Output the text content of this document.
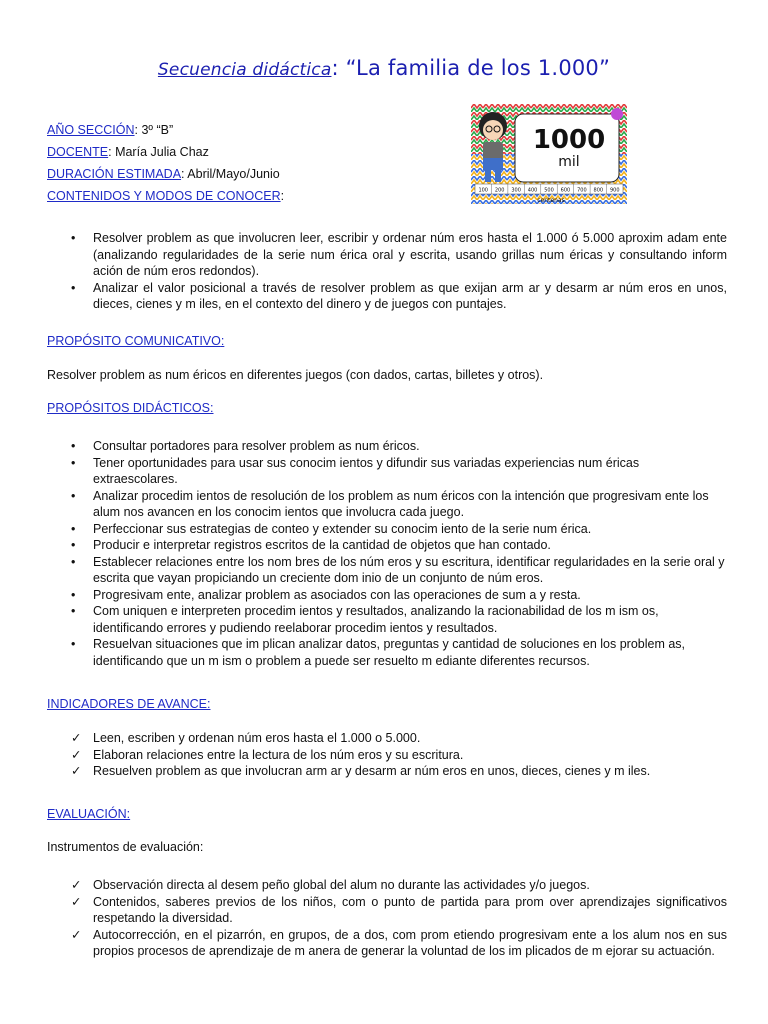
Secuencia didáctica: “La familia de los 1.000”
AÑO SECCIÓN: 3º “B”
DOCENTE: María Julia Chaz
DURACIÓN ESTIMADA: Abril/Mayo/Junio
CONTENIDOS Y MODOS DE CONOCER:
1000
mil
100 200 300 400 500 600 700 800 900
centenas
• Resolver problem as que involucren leer, escribir y ordenar núm eros hasta el 1.000 ó 5.000 aproxim adam ente (analizando regularidades de la serie num érica oral y escrita, usando grillas num éricas y consultando inform ación de núm eros redondos).
• Analizar el valor posicional a través de resolver problem as que exijan arm ar y desarm ar núm eros en unos, dieces, cienes y m iles, en el contexto del dinero y de juegos con puntajes.
PROPÓSITO COMUNICATIVO:

Resolver problem as num éricos en diferentes juegos (con dados, cartas, billetes y otros).

PROPÓSITOS DIDÁCTICOS:
• Consultar portadores para resolver problem as num éricos.
• Tener oportunidades para usar sus conocim ientos y difundir sus variadas experiencias num éricas extraescolares.
• Analizar procedim ientos de resolución de los problem as num éricos con la intención que progresivam ente los alum nos avancen en los conocim ientos que involucra cada juego.
• Perfeccionar sus estrategias de conteo y extender su conocim iento de la serie num érica.
• Producir e interpretar registros escritos de la cantidad de objetos que han contado.
• Establecer relaciones entre los nom bres de los núm eros y su escritura, identificar regularidades en la serie oral y escrita que vayan propiciando un creciente dom inio de un conjunto de núm eros.
• Progresivam ente, analizar problem as asociados con las operaciones de sum a y resta.
• Com uniquen e interpreten procedim ientos y resultados, analizando la racionabilidad de los m ism os, identificando errores y pudiendo reelaborar procedim ientos y resultados.
• Resuelvan situaciones que im plican analizar datos, preguntas y cantidad de soluciones en los problem as, identificando que un m ism o problem a puede ser resuelto m ediante diferentes recursos.
INDICADORES DE AVANCE:
✓ Leen, escriben y ordenan núm eros hasta el 1.000 o 5.000.
✓ Elaboran relaciones entre la lectura de los núm eros y su escritura.
✓ Resuelven problem as que involucran arm ar y desarm ar núm eros en unos, dieces, cienes y m iles.
EVALUACIÓN:

Instrumentos de evaluación:

✓ Observación directa al desem peño global del alum no durante las actividades y/o juegos.
✓ Contenidos, saberes previos de los niños, com o punto de partida para prom over aprendizajes significativos respetando la diversidad.
✓ Autocorrección, en el pizarrón, en grupos, de a dos, com prom etiendo progresivam ente a los alum nos en sus propios procesos de aprendizaje de m anera de generar la voluntad de los im plicados de m ejorar su actuación.
